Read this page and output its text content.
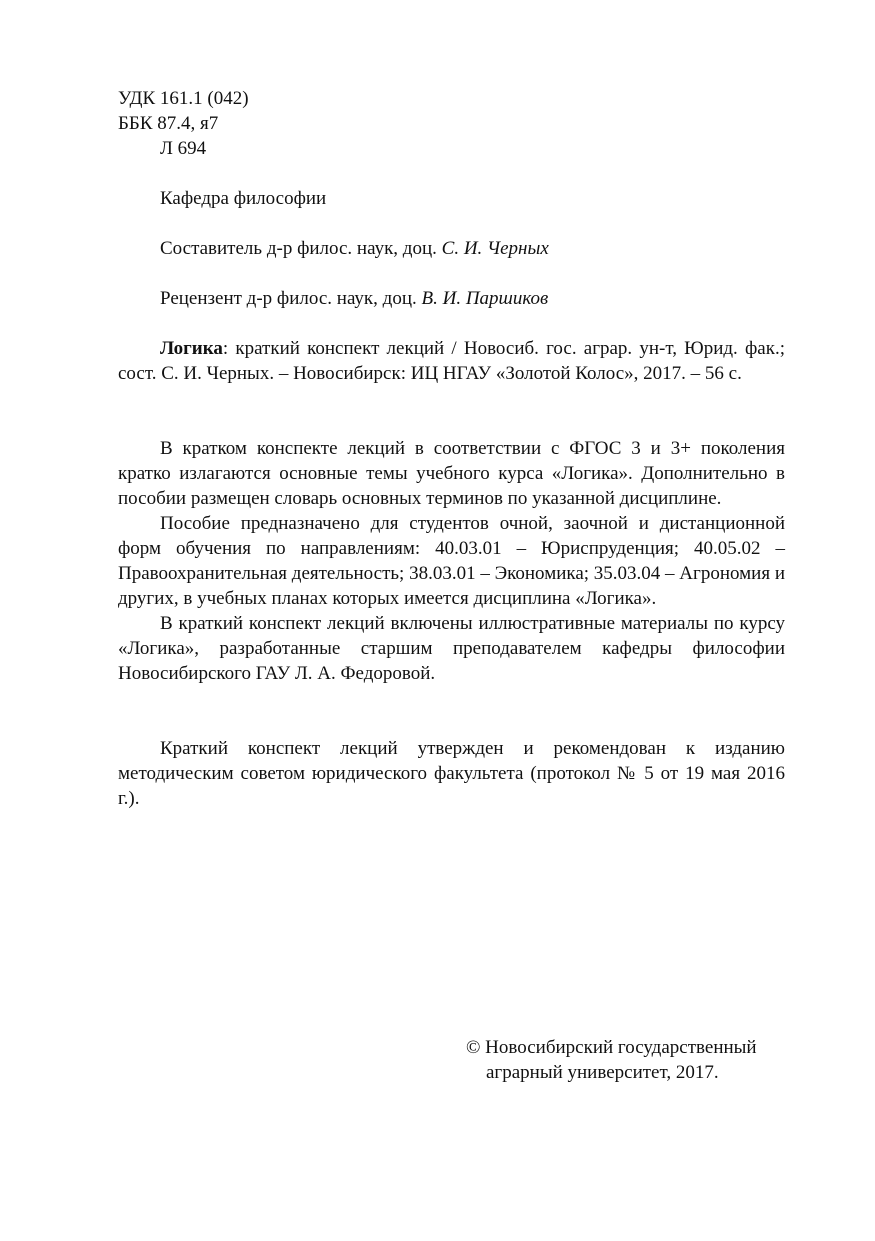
УДК 161.1 (042)
ББК 87.4, я7
Л 694
Кафедра философии
Составитель д-р филос. наук, доц. С. И. Черных
Рецензент д-р филос. наук, доц. В. И. Паршиков

Логика: краткий конспект лекций / Новосиб. гос. аграр. ун-т, Юрид. фак.; сост. С. И. Черных. – Новосибирск: ИЦ НГАУ «Золотой Колос», 2017. – 56 с.

В кратком конспекте лекций в соответствии с ФГОС 3 и 3+ поколения кратко излагаются основные темы учебного курса «Логика». Дополнительно в пособии размещен словарь основных терминов по указанной дисциплине.

Пособие предназначено для студентов очной, заочной и дистанционной форм обучения по направлениям: 40.03.01 – Юриспруденция; 40.05.02 – Правоохранительная деятельность; 38.03.01 – Экономика; 35.03.04 – Агрономия и других, в учебных планах которых имеется дисциплина «Логика».

В краткий конспект лекций включены иллюстративные материалы по курсу «Логика», разработанные старшим преподавателем кафедры философии Новосибирского ГАУ Л. А. Федоровой.

Краткий конспект лекций утвержден и рекомендован к изданию методическим советом юридического факультета (протокол № 5 от 19 мая 2016 г.).

© Новосибирский государственный
аграрный университет, 2017.
